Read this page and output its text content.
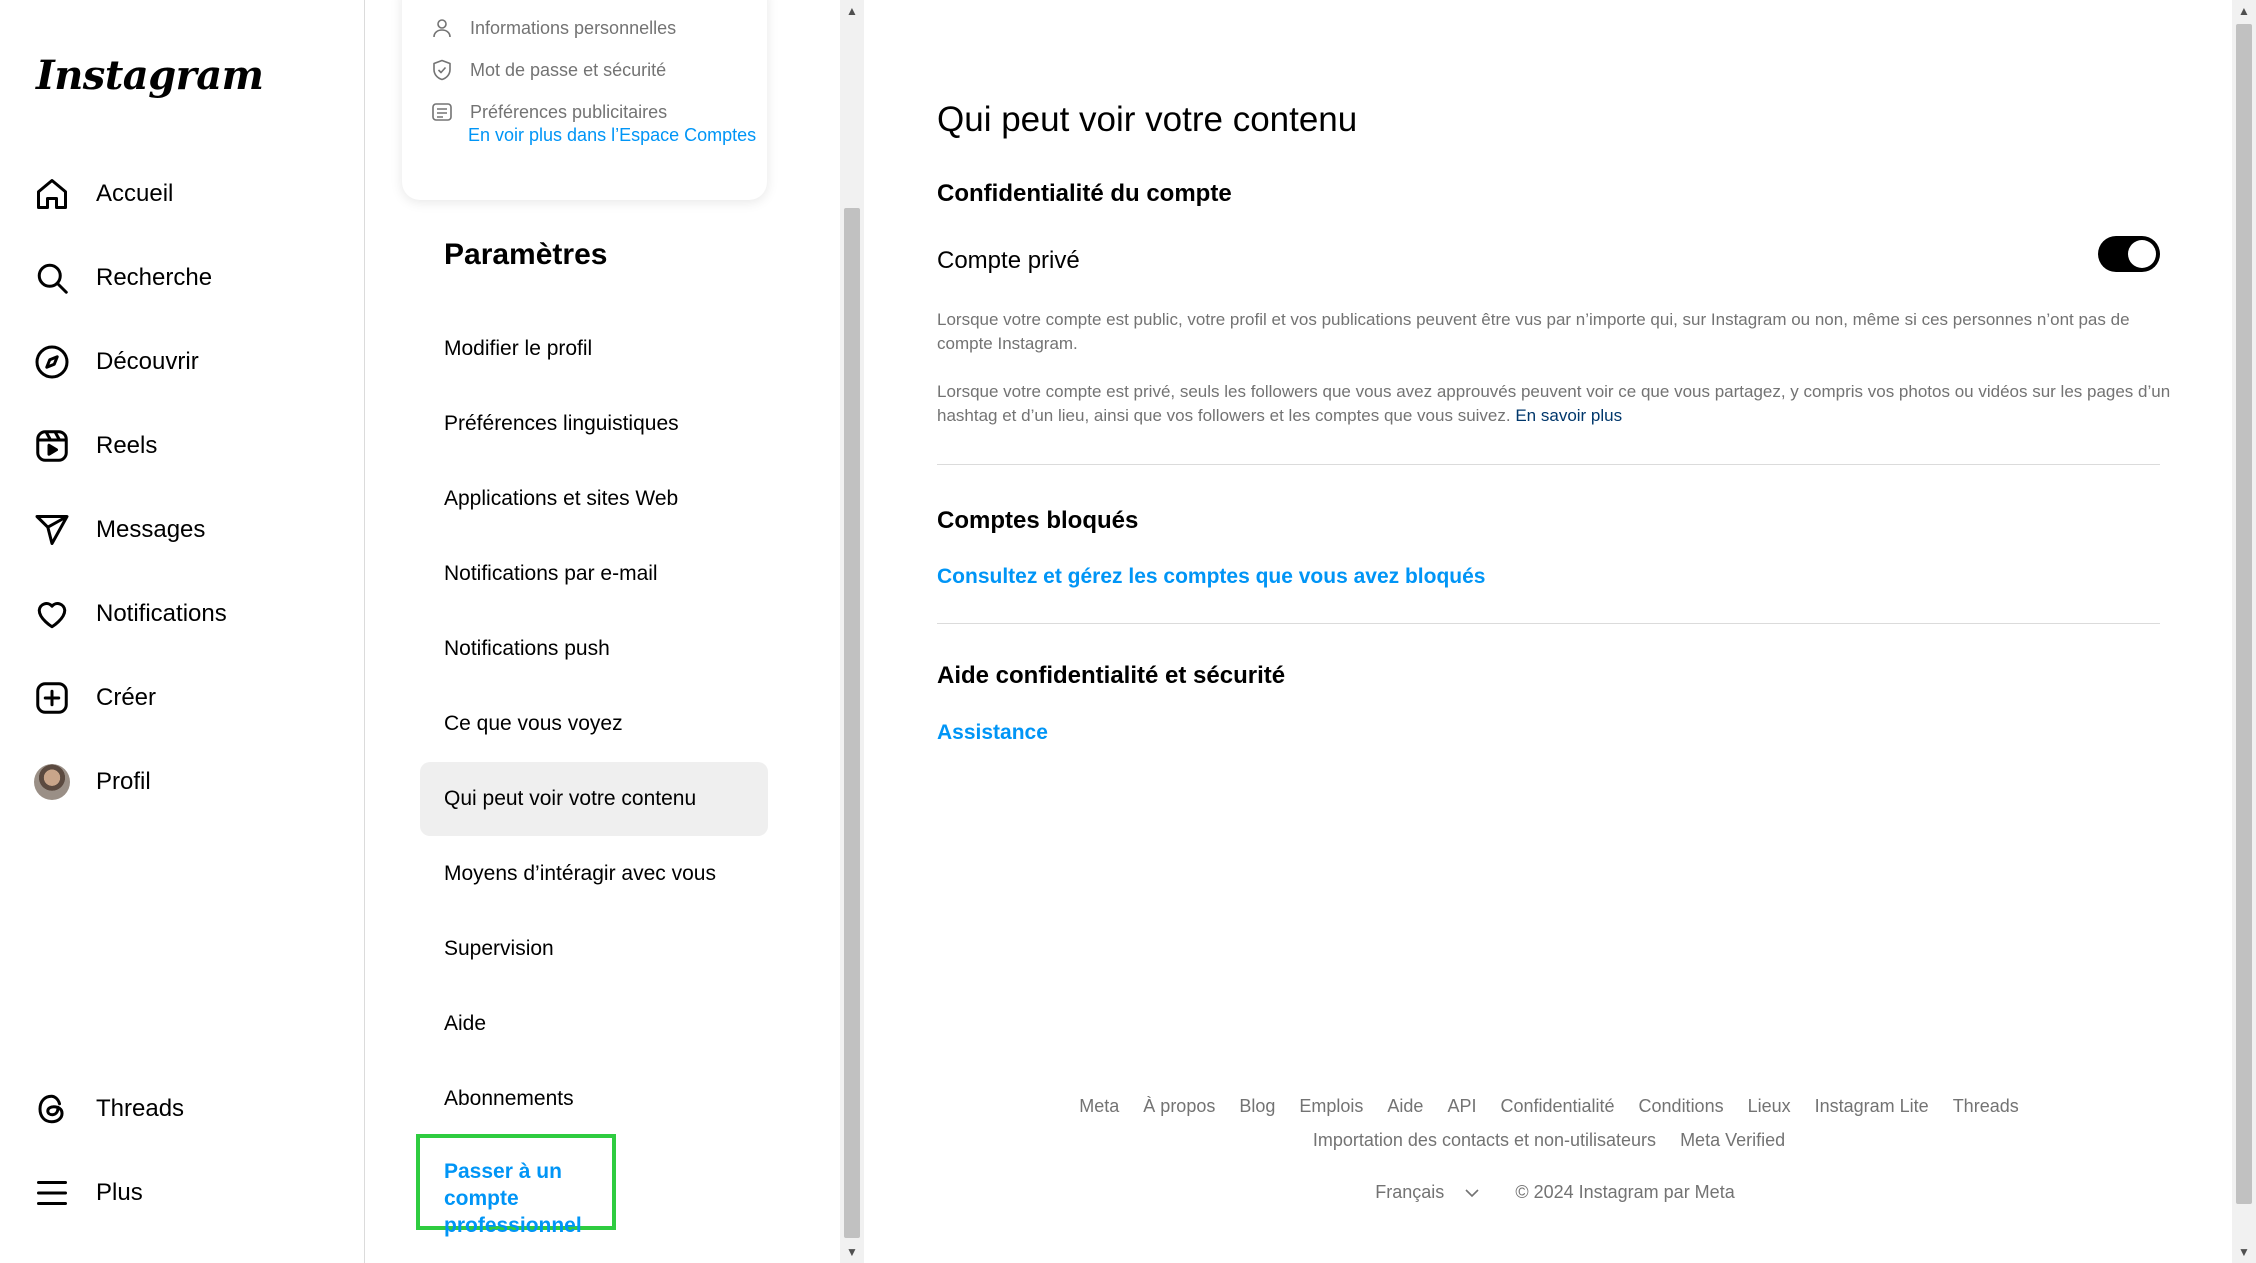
Instagram
Accueil
Recherche
Découvrir
Reels
Messages
Notifications
Créer
Profil
Threads
Plus
Informations personnelles
Mot de passe et sécurité
Préférences publicitaires
En voir plus dans l’Espace Comptes
Paramètres
Modifier le profil
Préférences linguistiques
Applications et sites Web
Notifications par e-mail
Notifications push
Ce que vous voyez
Qui peut voir votre contenu
Moyens d’intéragir avec vous
Supervision
Aide
Abonnements
Passer à un compte professionnel
▲
▼
Qui peut voir votre contenu
Confidentialité du compte
Compte privé
Lorsque votre compte est public, votre profil et vos publications peuvent être vus par n’importe qui, sur Instagram ou non, même si ces personnes n’ont pas de compte Instagram.
Lorsque votre compte est privé, seuls les followers que vous avez approuvés peuvent voir ce que vous partagez, y compris vos photos ou vidéos sur les pages d’un hashtag et d’un lieu, ainsi que vos followers et les comptes que vous suivez. En savoir plus
Comptes bloqués
Consultez et gérez les comptes que vous avez bloqués
Aide confidentialité et sécurité
Assistance
Meta À propos Blog Emplois Aide API Confidentialité Conditions Lieux Instagram Lite Threads
Importation des contacts et non-utilisateurs Meta Verified
Français	© 2024 Instagram par Meta
▲
▼
